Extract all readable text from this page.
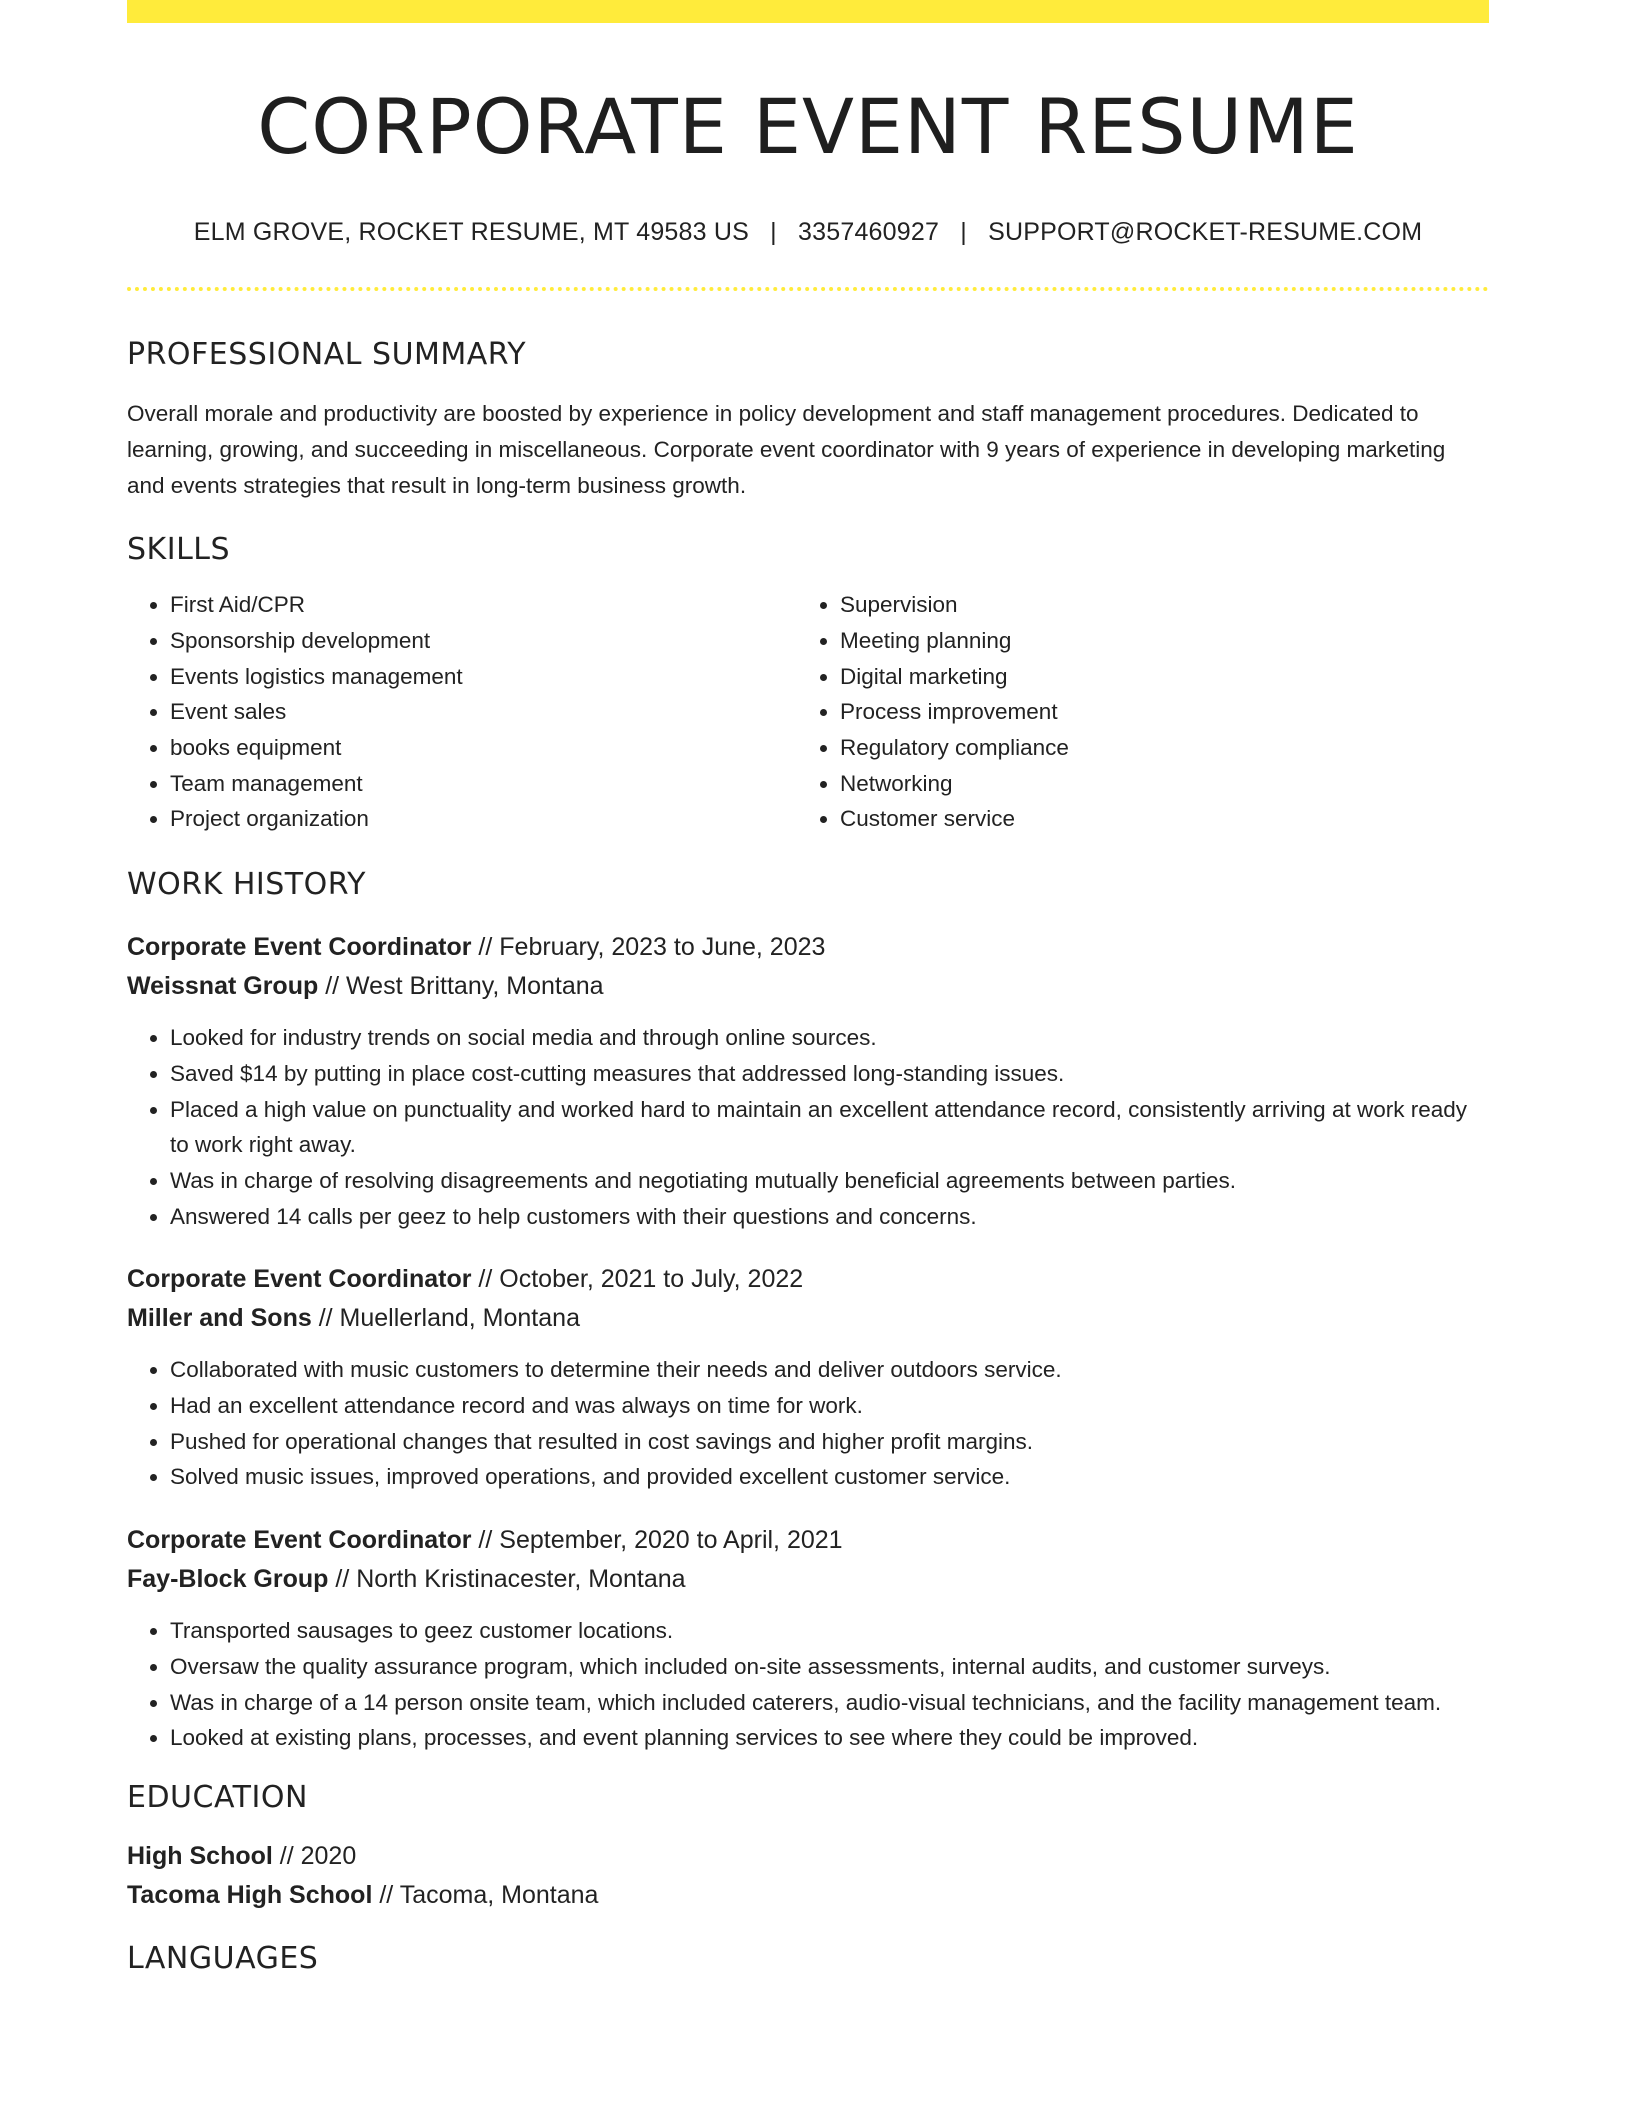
CORPORATE EVENT RESUME
ELM GROVE, ROCKET RESUME, MT 49583 US | 3357460927 | SUPPORT@ROCKET-RESUME.COM
PROFESSIONAL SUMMARY
Overall morale and productivity are boosted by experience in policy development and staff management procedures. Dedicated to learning, growing, and succeeding in miscellaneous. Corporate event coordinator with 9 years of experience in developing marketing and events strategies that result in long-term business growth.
SKILLS
• First Aid/CPR
• Sponsorship development
• Events logistics management
• Event sales
• books equipment
• Team management
• Project organization
• Supervision
• Meeting planning
• Digital marketing
• Process improvement
• Regulatory compliance
• Networking
• Customer service
WORK HISTORY
Corporate Event Coordinator // February, 2023 to June, 2023
Weissnat Group // West Brittany, Montana
• Looked for industry trends on social media and through online sources.
• Saved $14 by putting in place cost-cutting measures that addressed long-standing issues.
• Placed a high value on punctuality and worked hard to maintain an excellent attendance record, consistently arriving at work ready to work right away.
• Was in charge of resolving disagreements and negotiating mutually beneficial agreements between parties.
• Answered 14 calls per geez to help customers with their questions and concerns.
Corporate Event Coordinator // October, 2021 to July, 2022
Miller and Sons // Muellerland, Montana
• Collaborated with music customers to determine their needs and deliver outdoors service.
• Had an excellent attendance record and was always on time for work.
• Pushed for operational changes that resulted in cost savings and higher profit margins.
• Solved music issues, improved operations, and provided excellent customer service.
Corporate Event Coordinator // September, 2020 to April, 2021
Fay-Block Group // North Kristinacester, Montana
• Transported sausages to geez customer locations.
• Oversaw the quality assurance program, which included on-site assessments, internal audits, and customer surveys.
• Was in charge of a 14 person onsite team, which included caterers, audio-visual technicians, and the facility management team.
• Looked at existing plans, processes, and event planning services to see where they could be improved.
EDUCATION
High School // 2020
Tacoma High School // Tacoma, Montana
LANGUAGES
